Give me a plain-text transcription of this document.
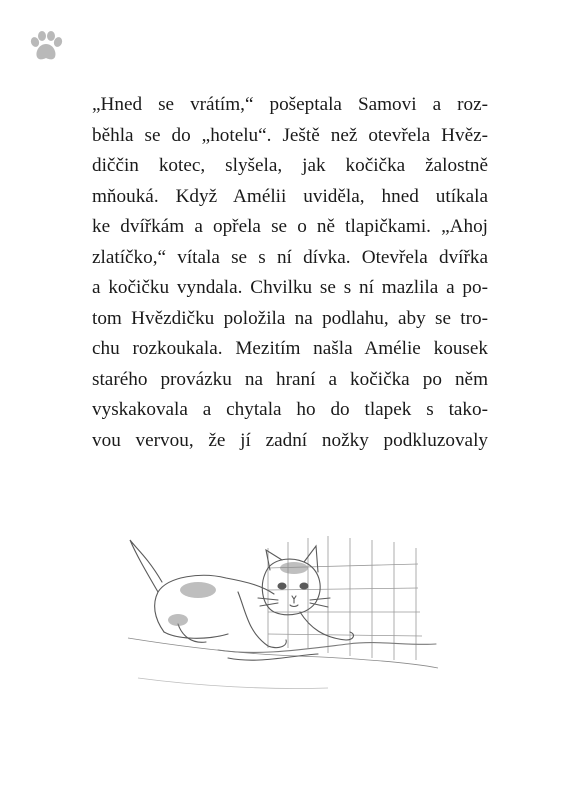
„Hned se vrátím,“ pošeptala Samovi a roz-
běhla se do „hotelu“. Ještě než otevřela Hvěz-
diččin kotec, slyšela, jak kočička žalostně
mňouká. Když Amélii uviděla, hned utíkala
ke dvířkám a opřela se o ně tlapičkami. „Ahoj
zlatíčko,“ vítala se s ní dívka. Otevřela dvířka
a kočičku vyndala. Chvilku se s ní mazlila a po-
tom Hvězdičku položila na podlahu, aby se tro-
chu rozkoukala. Mezitím našla Amélie kousek
starého provázku na hraní a kočička po něm
vyskakovala a chytala ho do tlapek s tako-
vou vervou, že jí zadní nožky podkluzovaly
